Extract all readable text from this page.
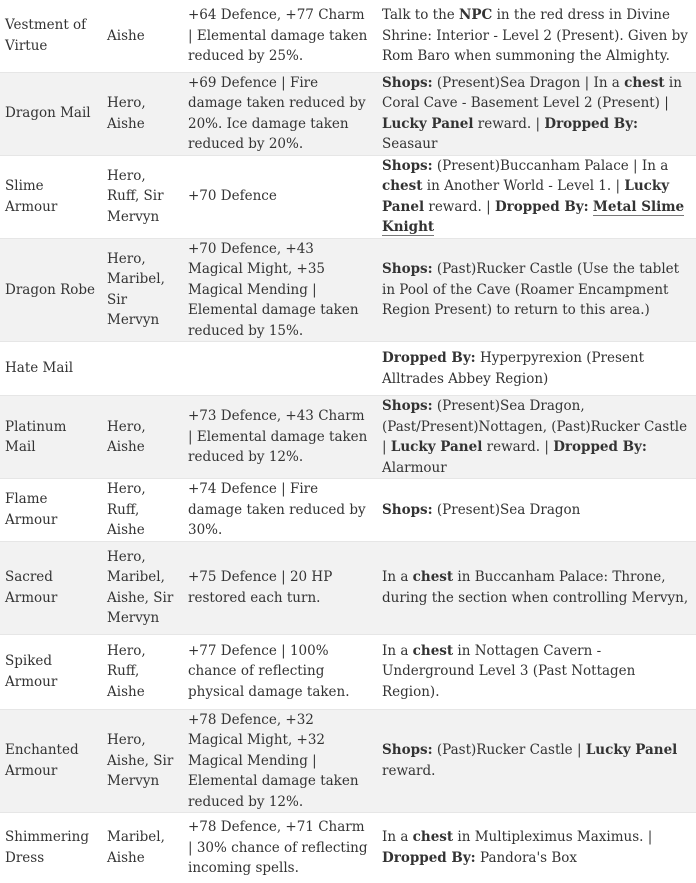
Vestment of Virtue	Aishe	+64 Defence, +77 Charm | Elemental damage taken reduced by 25%.	Talk to the NPC in the red dress in Divine Shrine: Interior - Level 2 (Present). Given by Rom Baro when summoning the Almighty.
Dragon Mail	Hero, Aishe	+69 Defence | Fire damage taken reduced by 20%. Ice damage taken reduced by 20%.	Shops: (Present)Sea Dragon | In a chest in Coral Cave - Basement Level 2 (Present) | Lucky Panel reward. | Dropped By: Seasaur
Slime Armour	Hero, Ruff, Sir Mervyn	+70 Defence	Shops: (Present)Buccanham Palace | In a chest in Another World - Level 1. | Lucky Panel reward. | Dropped By: Metal Slime Knight
Dragon Robe	Hero, Maribel, Sir Mervyn	+70 Defence, +43 Magical Might, +35 Magical Mending | Elemental damage taken reduced by 15%.	Shops: (Past)Rucker Castle (Use the tablet in Pool of the Cave (Roamer Encampment Region Present) to return to this area.)
Hate Mail			Dropped By: Hyperpyrexion (Present Alltrades Abbey Region)
Platinum Mail	Hero, Aishe	+73 Defence, +43 Charm | Elemental damage taken reduced by 12%.	Shops: (Present)Sea Dragon, (Past/Present)Nottagen, (Past)Rucker Castle | Lucky Panel reward. | Dropped By: Alarmour
Flame Armour	Hero, Ruff, Aishe	+74 Defence | Fire damage taken reduced by 30%.	Shops: (Present)Sea Dragon
Sacred Armour	Hero, Maribel, Aishe, Sir Mervyn	+75 Defence | 20 HP restored each turn.	In a chest in Buccanham Palace: Throne, during the section when controlling Mervyn,
Spiked Armour	Hero, Ruff, Aishe	+77 Defence | 100% chance of reflecting physical damage taken.	In a chest in Nottagen Cavern - Underground Level 3 (Past Nottagen Region).
Enchanted Armour	Hero, Aishe, Sir Mervyn	+78 Defence, +32 Magical Might, +32 Magical Mending | Elemental damage taken reduced by 12%.	Shops: (Past)Rucker Castle | Lucky Panel reward.
Shimmering Dress	Maribel, Aishe	+78 Defence, +71 Charm | 30% chance of reflecting incoming spells.	In a chest in Multipleximus Maximus. | Dropped By: Pandora's Box
